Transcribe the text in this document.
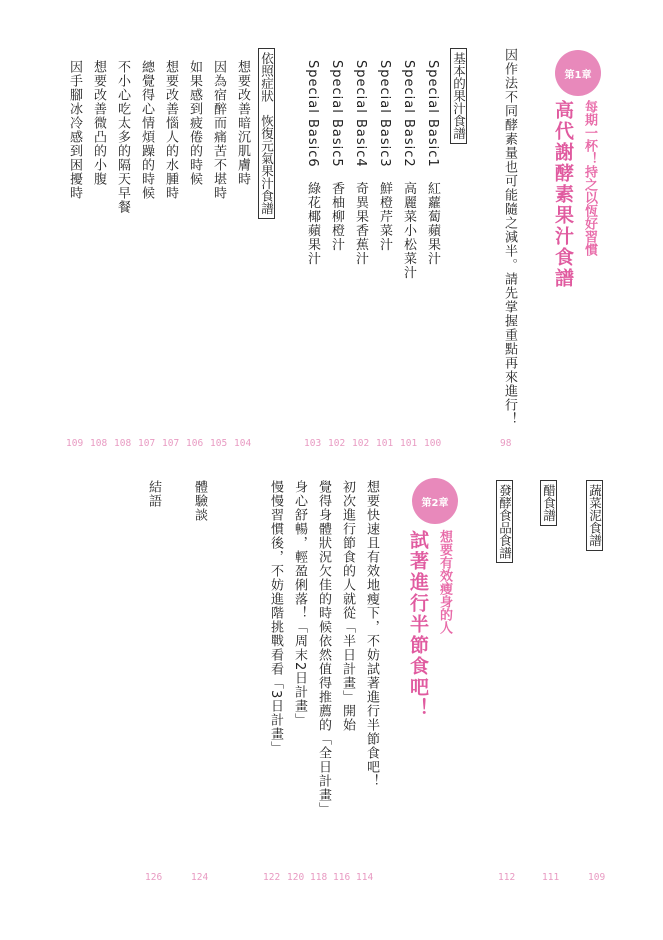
第1章
每期一杯！持之以恆好習慣
高代謝酵素果汁食譜
因作法不同酵素量也可能隨之減半。請先掌握重點再來進行！
基本的果汁食譜
Special Basic1　紅蘿蔔蘋果汁
Special Basic2　高麗菜小松菜汁
Special Basic3　鮮橙芹菜汁
Special Basic4　奇異果香蕉汁
Special Basic5　香柚柳橙汁
Special Basic6　綠花椰蘋果汁
依照症狀　恢復元氣果汁食譜
想要改善暗沉肌膚時
因為宿醉而痛苦不堪時
如果感到疲倦的時候
想要改善惱人的水腫時
總覺得心情煩躁的時候
不小心吃太多的隔天早餐
想要改善微凸的小腹
因手腳冰冷感到困擾時
98
100
101
101
102
102
103
104
105
106
107
107
108
108
109
蔬菜泥食譜
醋食譜
發酵食品食譜
第2章
想要有效瘦身的人
試著進行半節食吧！
想要快速且有效地瘦下，不妨試著進行半節食吧！
初次進行節食的人就從「半日計畫」開始
覺得身體狀況欠佳的時候依然值得推薦的「全日計畫」
身心舒暢，輕盈俐落！「周末2日計畫」
慢慢習慣後，不妨進階挑戰看看「3日計畫」
體驗談
結語
109
111
112
114
116
118
120
122
124
126
